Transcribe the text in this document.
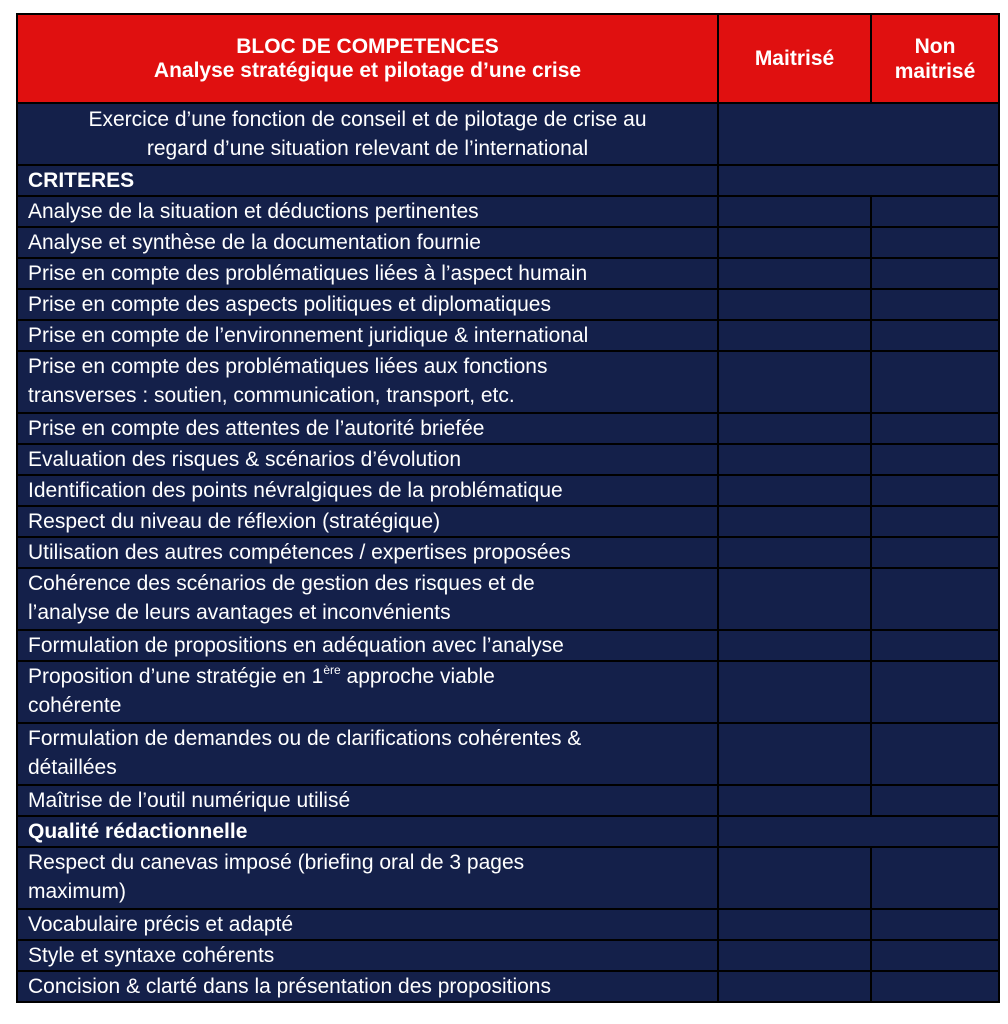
BLOC DE COMPETENCES
Analyse stratégique et pilotage d’une crise	Maitrisé
Non
maitrisé
Exercice d’une fonction de conseil et de pilotage de crise au
regard d’une situation relevant de l’international
CRITERES
Qualité rédactionnelle
Analyse de la situation et déductions pertinentes
Analyse et synthèse de la documentation fournie
Prise en compte des problématiques liées à l’aspect humain
Prise en compte des aspects politiques et diplomatiques
Prise en compte de l’environnement juridique & international
Prise en compte des problématiques liées aux fonctions
transverses : soutien, communication, transport, etc.
Prise en compte des attentes de l’autorité briefée
Evaluation des risques & scénarios d’évolution
Identification des points névralgiques de la problématique
Respect du niveau de réflexion (stratégique)
Utilisation des autres compétences / expertises proposées
Cohérence des scénarios de gestion des risques et de
l’analyse de leurs avantages et inconvénients
Formulation de propositions en adéquation avec l’analyse
Proposition d’une stratégie en 1ère approche viable
cohérente
Formulation de demandes ou de clarifications cohérentes &
détaillées
Maîtrise de l’outil numérique utilisé
Respect du canevas imposé (briefing oral de 3 pages
maximum)
Vocabulaire précis et adapté
Style et syntaxe cohérents
Concision & clarté dans la présentation des propositions
